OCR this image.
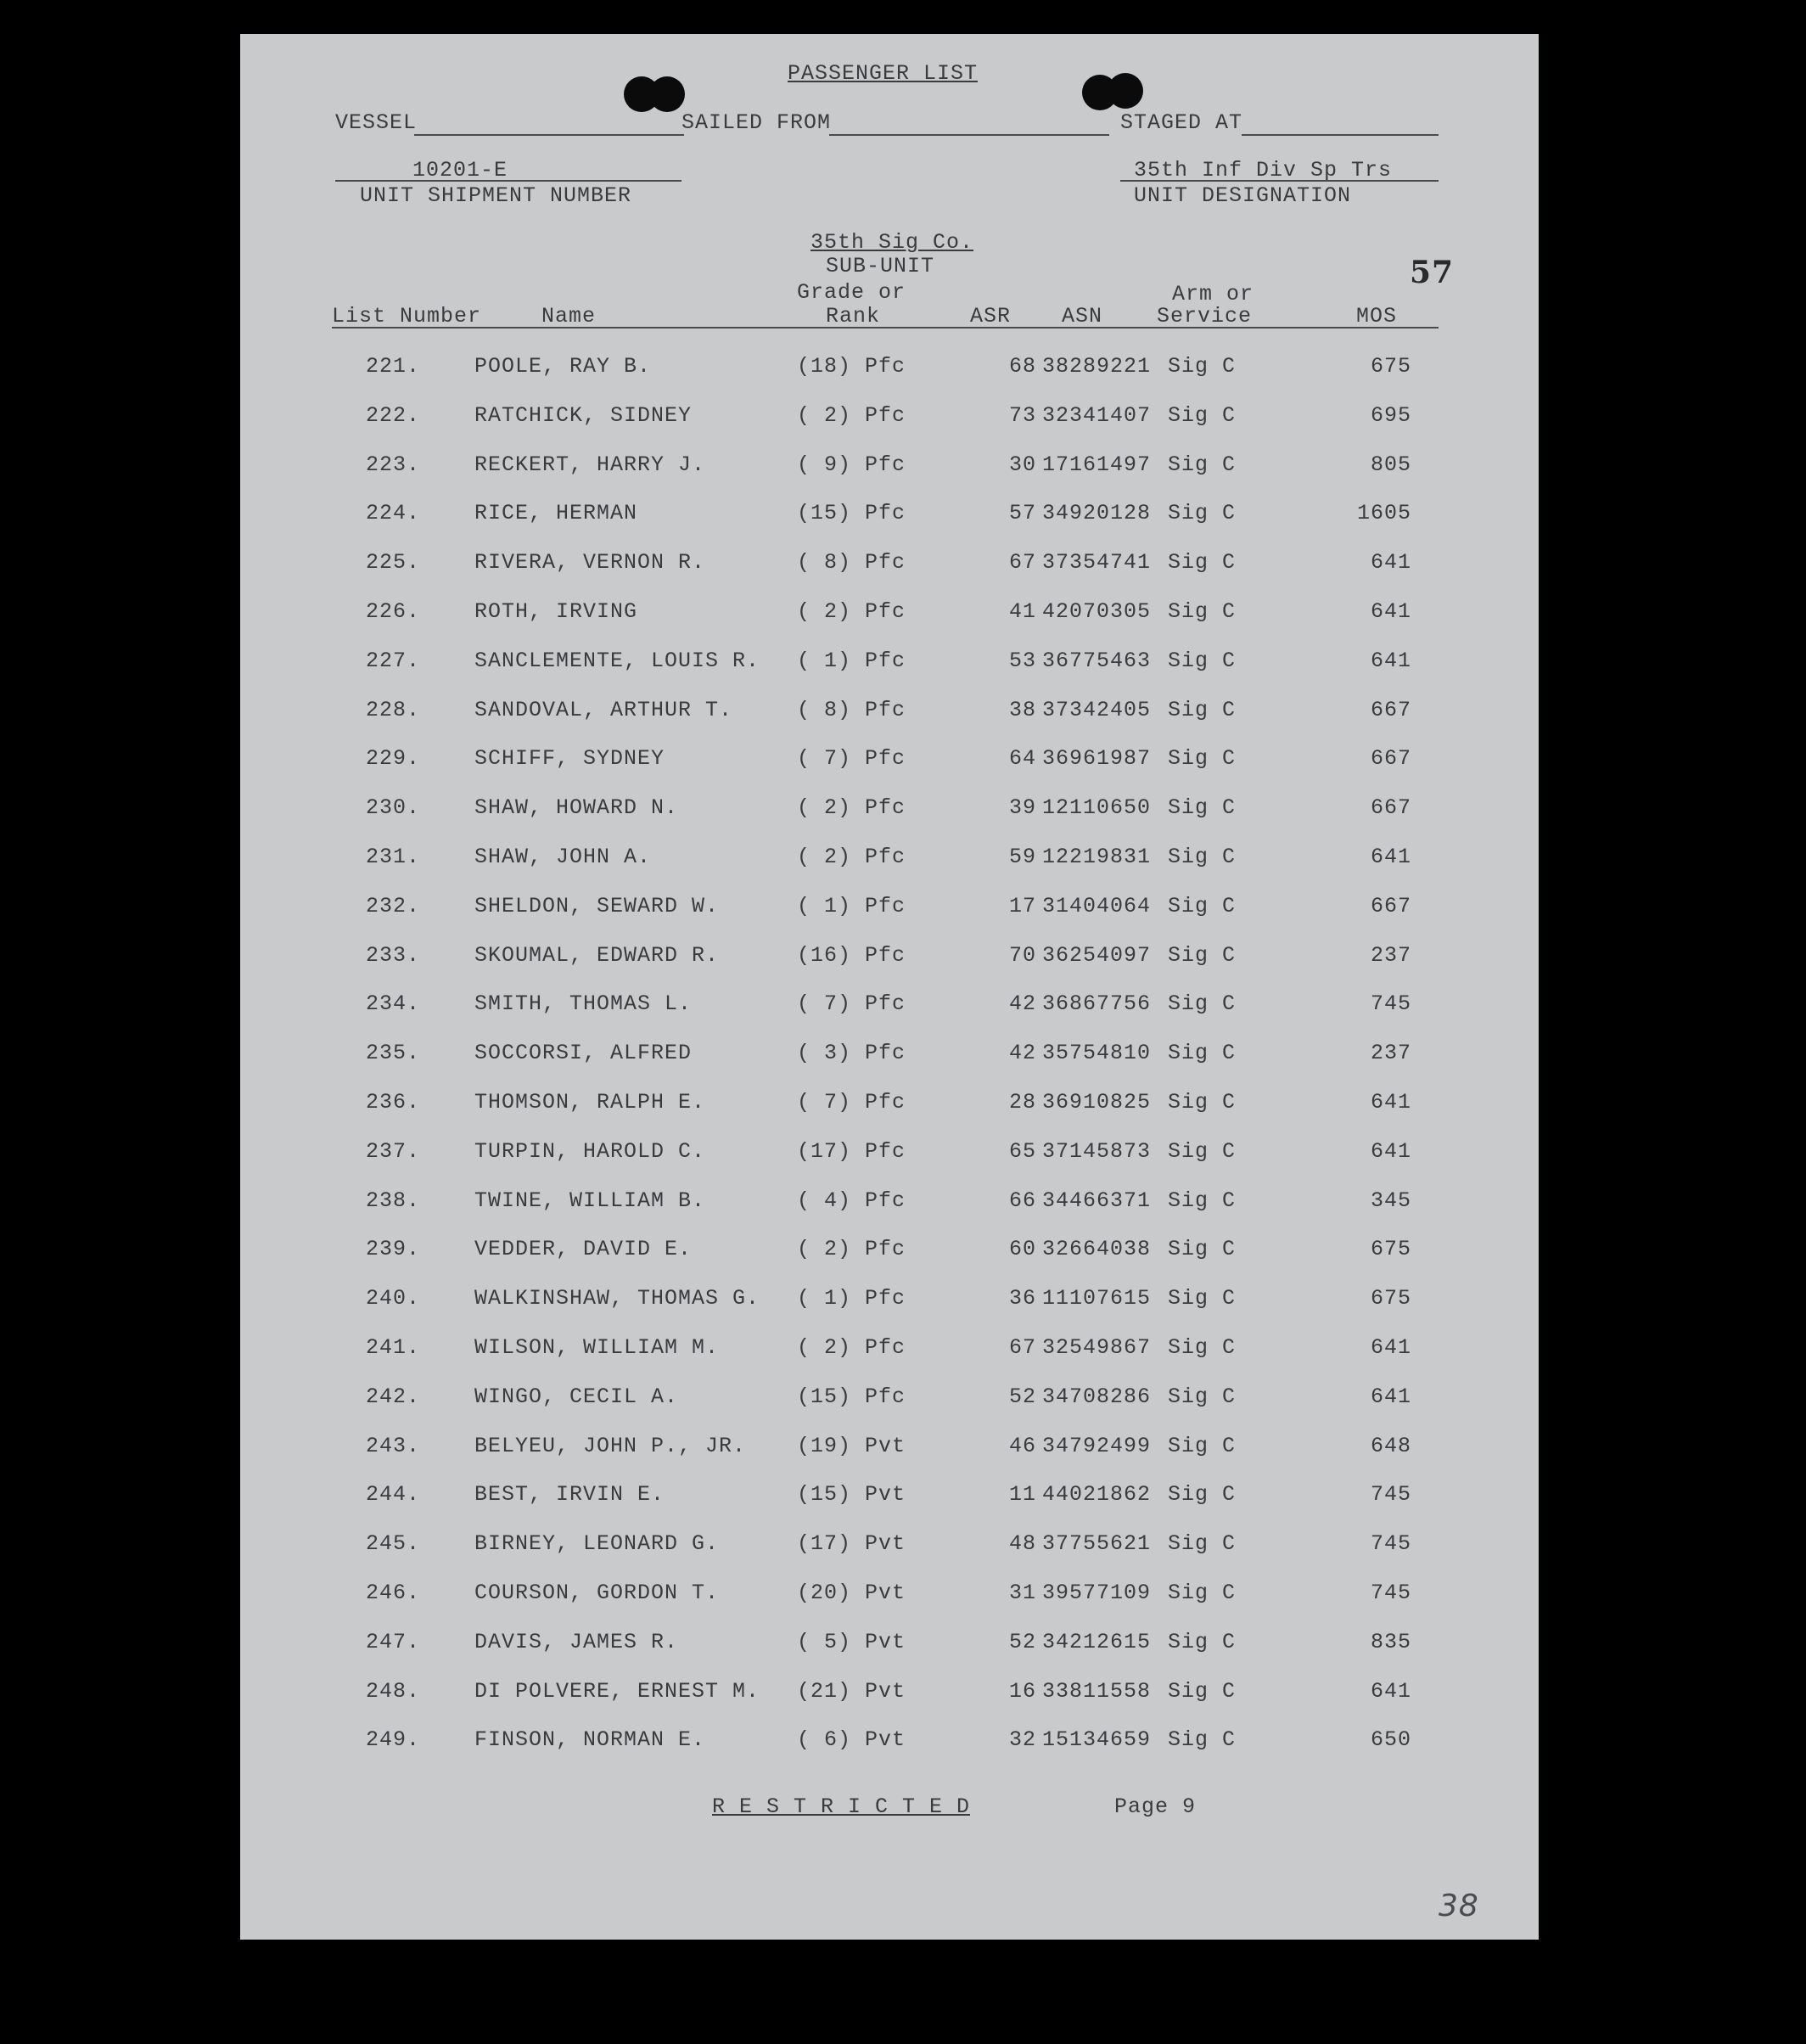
PASSENGER LIST
VESSEL	SAILED FROM	STAGED AT
10201-E
UNIT SHIPMENT NUMBER
35th Inf Div Sp Trs
UNIT DESIGNATION
35th Sig Co.
SUB-UNIT	57
Grade or	Arm or
List Number	Name	Rank	ASR ASN	Service	MOS
221.	POOLE, RAY B.	(18) Pfc	68 38289221 Sig C	675
222.	RATCHICK, SIDNEY	( 2) Pfc	73 32341407 Sig C	695
223.	RECKERT, HARRY J.	( 9) Pfc	30 17161497 Sig C	805
224.	RICE, HERMAN	(15) Pfc	57 34920128 Sig C	1605
225.	RIVERA, VERNON R.	( 8) Pfc	67 37354741 Sig C	641
226.	ROTH, IRVING	( 2) Pfc	41 42070305 Sig C	641
227.	SANCLEMENTE, LOUIS R. ( 1) Pfc	53 36775463 Sig C	641
228.	SANDOVAL, ARTHUR T.	( 8) Pfc	38 37342405 Sig C	667
229.	SCHIFF, SYDNEY	( 7) Pfc	64 36961987 Sig C	667
230.	SHAW, HOWARD N.	( 2) Pfc	39 12110650 Sig C	667
231.	SHAW, JOHN A.	( 2) Pfc	59 12219831 Sig C	641
232.	SHELDON, SEWARD W.	( 1) Pfc	17 31404064 Sig C	667
233.	SKOUMAL, EDWARD R.	(16) Pfc	70 36254097 Sig C	237
234.	SMITH, THOMAS L.	( 7) Pfc	42 36867756 Sig C	745
235.	SOCCORSI, ALFRED	( 3) Pfc	42 35754810 Sig C	237
236.	THOMSON, RALPH E.	( 7) Pfc	28 36910825 Sig C	641
237.	TURPIN, HAROLD C.	(17) Pfc	65 37145873 Sig C	641
238.	TWINE, WILLIAM B.	( 4) Pfc	66 34466371 Sig C	345
239.	VEDDER, DAVID E.	( 2) Pfc	60 32664038 Sig C	675
240.	WALKINSHAW, THOMAS G. ( 1) Pfc	36 11107615 Sig C	675
241.	WILSON, WILLIAM M.	( 2) Pfc	67 32549867 Sig C	641
242.	WINGO, CECIL A.	(15) Pfc	52 34708286 Sig C	641
243.	BELYEU, JOHN P., JR. (19) Pvt	46 34792499 Sig C	648
244.	BEST, IRVIN E.	(15) Pvt	11 44021862 Sig C	745
245.	BIRNEY, LEONARD G.	(17) Pvt	48 37755621 Sig C	745
246.	COURSON, GORDON T.	(20) Pvt	31 39577109 Sig C	745
247.	DAVIS, JAMES R.	( 5) Pvt	52 34212615 Sig C	835
248.	DI POLVERE, ERNEST M. (21) Pvt	16 33811558 Sig C	641
249.	FINSON, NORMAN E.	( 6) Pvt	32 15134659 Sig C	650
R E S T R I C T E D	Page 9
38
